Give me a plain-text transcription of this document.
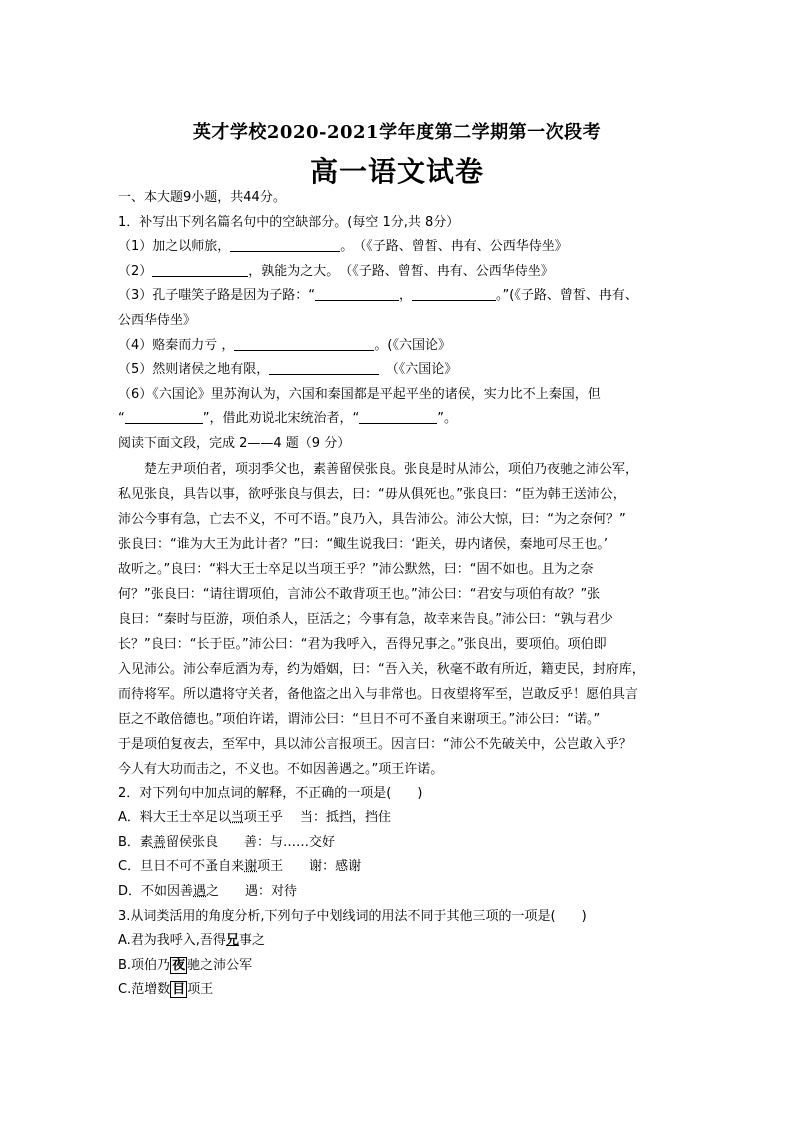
英才学校2020-2021学年度第二学期第一次段考
高一语文试卷
一、本大题9小题，共44分。
1．补写出下列名篇名句中的空缺部分。(每空 1分,共 8分）
（1）加之以师旅，	。　（《子路、曾皙、冉有、公西华侍坐》
（2）	，孰能为之大。　（《子路、曾皙、冉有、公西华侍坐》
（3）孔子嗤笑子路是因为子路：“	，	。”(《子路、曾皙、冉有、
公西华侍坐》
（4）赂秦而力亏 ，	。(《六国论》
（5）然则诸侯之地有限，　	（《六国论》
（6）《六国论》里苏洵认为，六国和秦国都是平起平坐的诸侯，实力比不上秦国，但
“	”，借此劝说北宋统治者，“	”。
阅读下面文段，完成 2——4 题（9 分）
楚左尹项伯者，项羽季父也，素善留侯张良。张良是时从沛公，项伯乃夜驰之沛公军，
私见张良，具告以事，欲呼张良与俱去，曰：“毋从俱死也。”张良曰：“臣为韩王送沛公，
沛公今事有急，亡去不义，不可不语。”良乃入，具告沛公。沛公大惊，曰：“为之奈何？”
张良曰：“谁为大王为此计者？”曰：“鲰生说我曰：‘距关，毋内诸侯，秦地可尽王也。’
故听之。”良曰：“料大王士卒足以当项王乎？”沛公默然，曰：“固不如也。且为之奈
何？”张良曰：“请往谓项伯，言沛公不敢背项王也。”沛公曰：“君安与项伯有故？”张
良曰：“秦时与臣游，项伯杀人，臣活之；今事有急，故幸来告良。”沛公曰：“孰与君少
长？”良曰：“长于臣。”沛公曰：“君为我呼入，吾得兄事之。”张良出，要项伯。项伯即
入见沛公。沛公奉卮酒为寿，约为婚姻，曰：“吾入关，秋毫不敢有所近，籍吏民，封府库，
而待将军。所以遣将守关者，备他盗之出入与非常也。日夜望将军至，岂敢反乎！愿伯具言
臣之不敢倍德也。”项伯许诺，谓沛公曰：“旦日不可不蚤自来谢项王。”沛公曰：“诺。”
于是项伯复夜去，至军中，具以沛公言报项王。因言曰：“沛公不先破关中，公岂敢入乎？
今人有大功而击之，不义也。不如因善遇之。”项王许诺。
2．对下列句中加点词的解释，不正确的一项是(　　)
A．料大王士卒足以当项王乎　 当：抵挡，挡住
B．素善留侯张良　　善：与……交好
C．旦日不可不蚤自来谢项王　　谢：感谢
D．不如因善遇之　　遇：对待
3.从词类活用的角度分析,下列句子中划线词的用法不同于其他三项的一项是(　　)
A.君为我呼入,吾得兄事之
B.项伯乃 夜 驰之沛公军
C.范增数 目 项王
